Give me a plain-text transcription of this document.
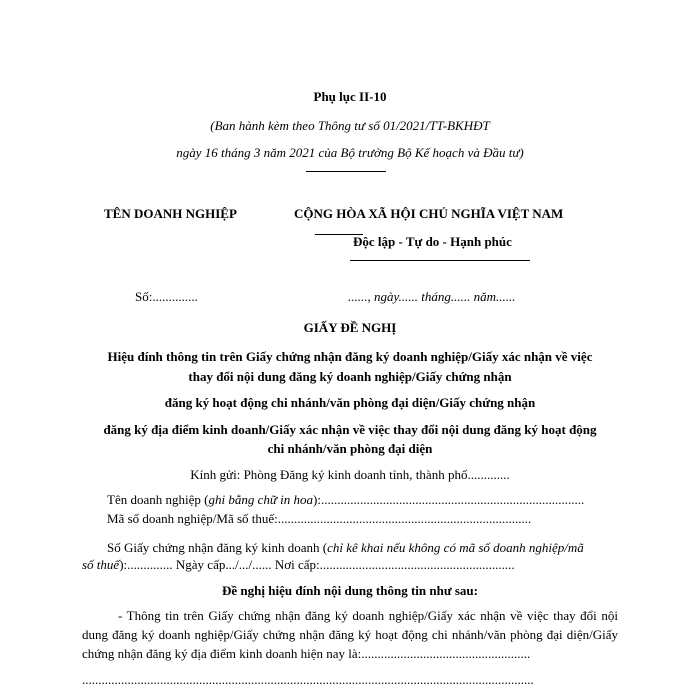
Phụ lục II-10
(Ban hành kèm theo Thông tư số 01/2021/TT-BKHĐT
ngày 16 tháng 3 năm 2021 của Bộ trưởng Bộ Kế hoạch và Đầu tư)
TÊN DOANH NGHIỆP	CỘNG HÒA XÃ HỘI CHỦ NGHĨA VIỆT NAM
Độc lập - Tự do - Hạnh phúc
Số:..............	......, ngày...... tháng...... năm......
GIẤY ĐỀ NGHỊ
Hiệu đính thông tin trên Giấy chứng nhận đăng ký doanh nghiệp/Giấy xác nhận về việc
thay đổi nội dung đăng ký doanh nghiệp/Giấy chứng nhận
đăng ký hoạt động chi nhánh/văn phòng đại diện/Giấy chứng nhận
đăng ký địa điểm kinh doanh/Giấy xác nhận về việc thay đổi nội dung đăng ký hoạt động
chi nhánh/văn phòng đại diện
Kính gửi: Phòng Đăng ký kinh doanh tỉnh, thành phố.............
Tên doanh nghiệp (ghi bằng chữ in hoa):.................................................................................
Mã số doanh nghiệp/Mã số thuế:..............................................................................
Số Giấy chứng nhận đăng ký kinh doanh (chỉ kê khai nếu không có mã số doanh nghiệp/mã
số thuế):.............. Ngày cấp.../.../...... Nơi cấp:............................................................
Đề nghị hiệu đính nội dung thông tin như sau:
- Thông tin trên Giấy chứng nhận đăng ký doanh nghiệp/Giấy xác nhận về việc thay đổi nội dung đăng ký doanh nghiệp/Giấy chứng nhận đăng ký hoạt động chi nhánh/văn phòng đại diện/Giấy chứng nhận đăng ký địa điểm kinh doanh hiện nay là:....................................................
...........................................................................................................................................
